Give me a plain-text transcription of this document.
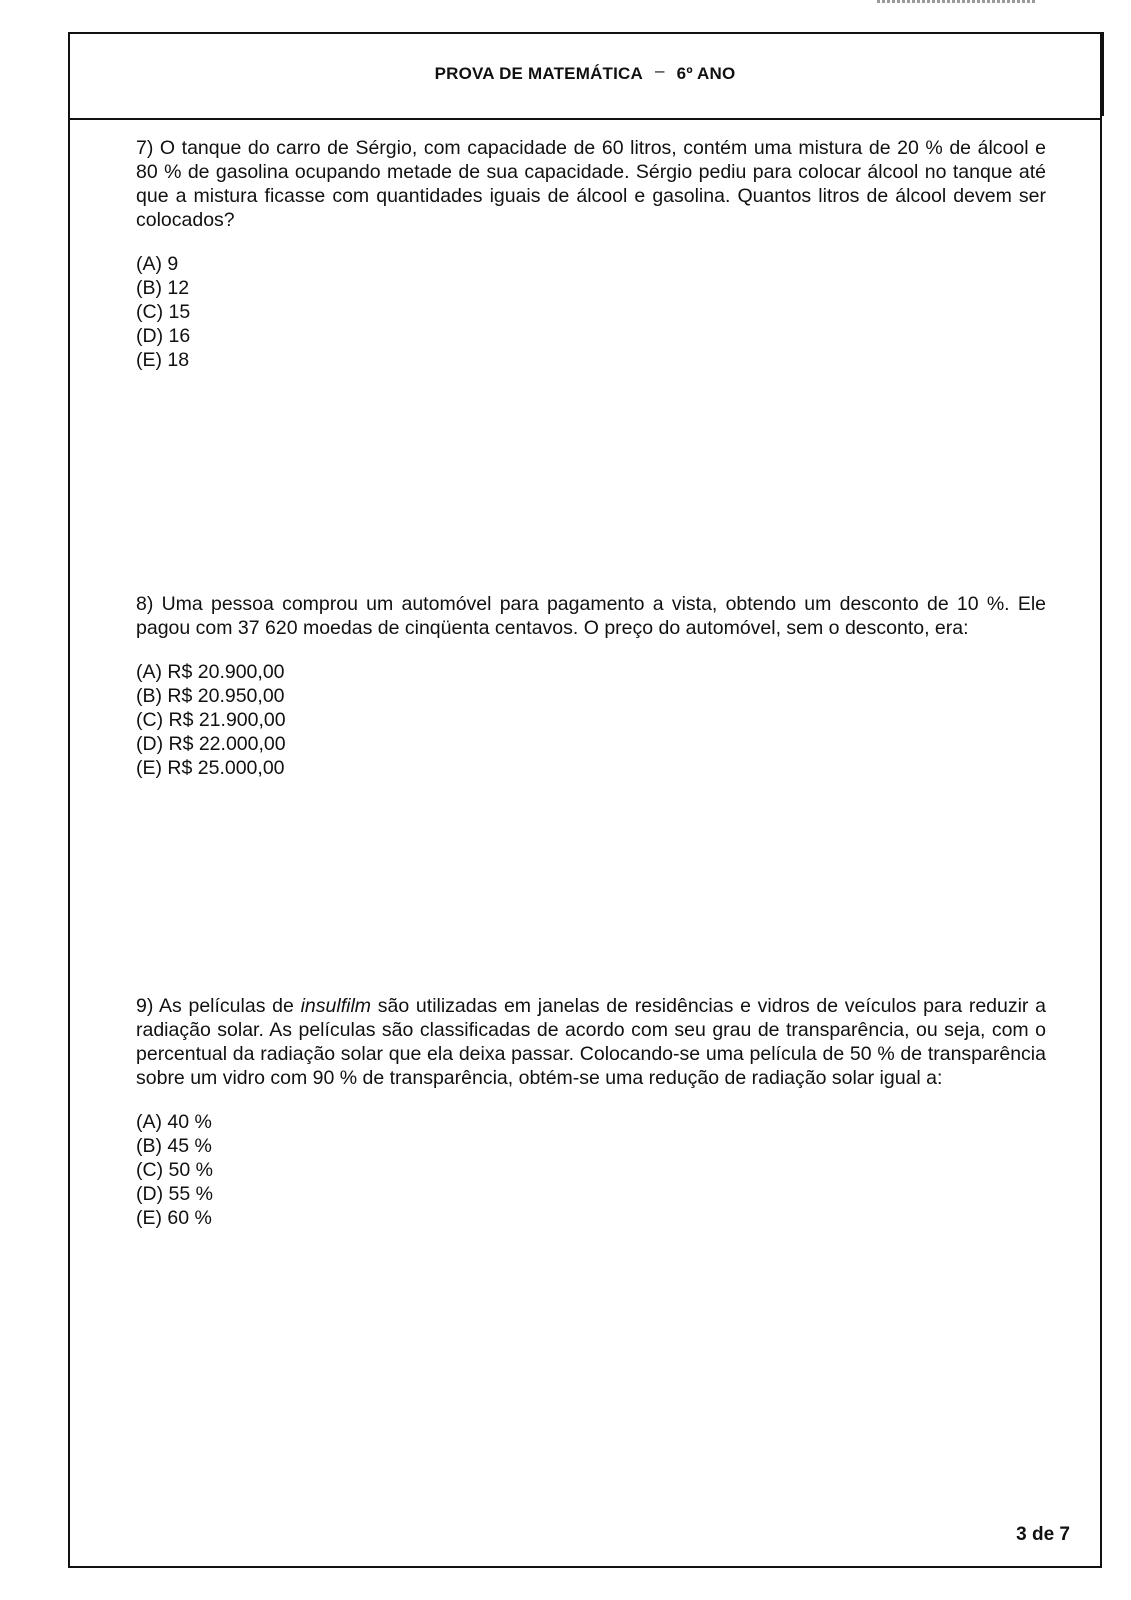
PROVA DE MATEMÁTICA – 6º ANO

7) O tanque do carro de Sérgio, com capacidade de 60 litros, contém uma mistura de 20 % de álcool e 80 % de gasolina ocupando metade de sua capacidade. Sérgio pediu para colocar álcool no tanque até que a mistura ficasse com quantidades iguais de álcool e gasolina. Quantos litros de álcool devem ser colocados?

(A) 9
(B) 12
(C) 15
(D) 16
(E) 18

8) Uma pessoa comprou um automóvel para pagamento a vista, obtendo um desconto de 10 %. Ele pagou com 37 620 moedas de cinqüenta centavos. O preço do automóvel, sem o desconto, era:

(A) R$ 20.900,00
(B) R$ 20.950,00
(C) R$ 21.900,00
(D) R$ 22.000,00
(E) R$ 25.000,00

9) As películas de insulfilm são utilizadas em janelas de residências e vidros de veículos para reduzir a radiação solar. As películas são classificadas de acordo com seu grau de transparência, ou seja, com o percentual da radiação solar que ela deixa passar. Colocando-se uma película de 50 % de transparência sobre um vidro com 90 % de transparência, obtém-se uma redução de radiação solar igual a:

(A) 40 %
(B) 45 %
(C) 50 %
(D) 55 %
(E) 60 %
3 de 7
